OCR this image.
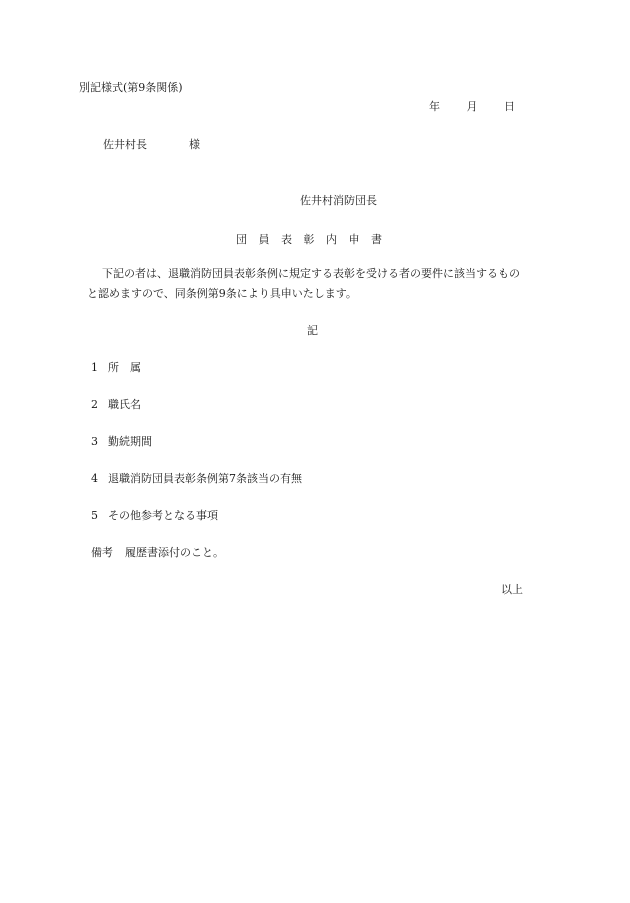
別記様式(第9条関係)
年 月 日
佐井村長	様
佐井村消防団長
団員表彰内申書
下記の者は、退職消防団員表彰条例に規定する表彰を受ける者の要件に該当するもの
と認めますので、同条例第9条により具申いたします。
記
1 所属
2 職氏名
3 勤続期間
4 退職消防団員表彰条例第7条該当の有無
5 その他参考となる事項
備考 履歴書添付のこと。
以上
